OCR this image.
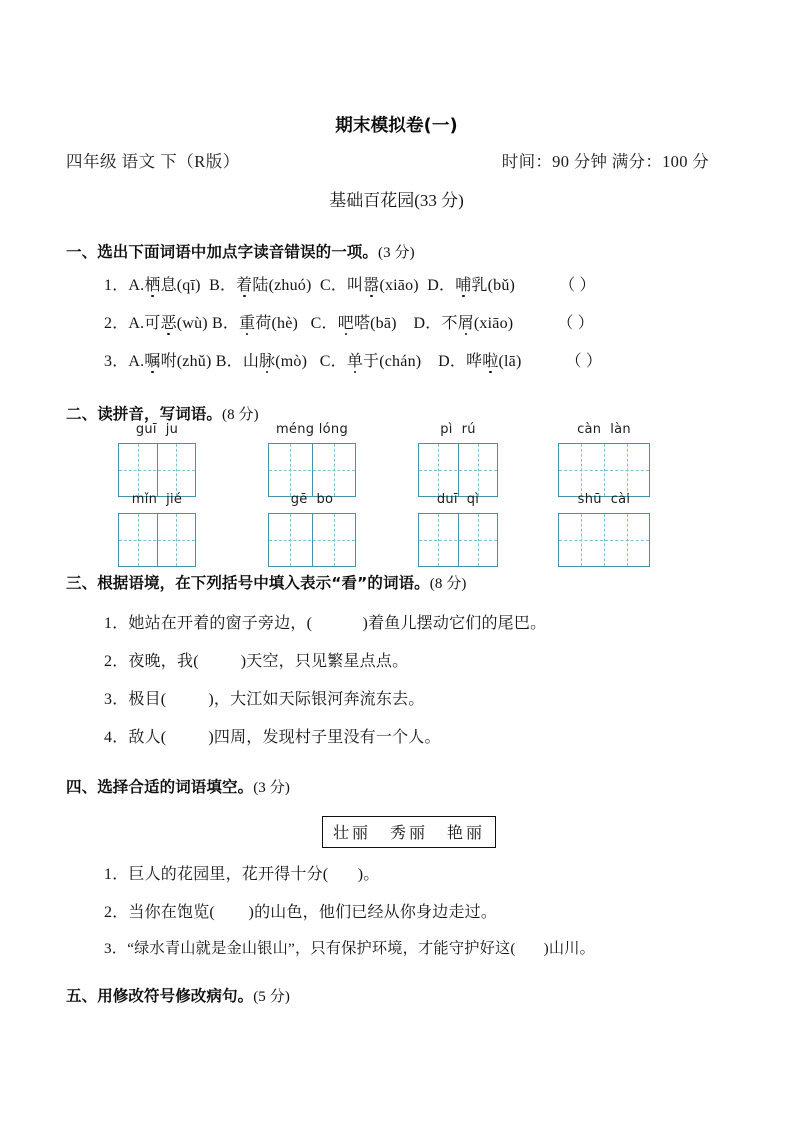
期末模拟卷(一)
四年级 语文 下（R版）	时间：90 分钟 满分：100 分
基础百花园(33 分)
一、选出下面词语中加点字读音错误的一项。(3 分)
1．A.栖息(qī) B．着陆(zhuó) C．叫嚣(xiāo) D．哺乳(bǔ)	（ ）
2．A.可恶(wù) B．重荷(hè) C．吧嗒(bā) D．不屑(xiāo)	（ ）
3．A.嘱咐(zhǔ) B．山脉(mò) C．单于(chán) D．哗啦(lā)	（ ）
二、读拼音，写词语。(8 分)
guī ju	méng lóng	pì rú	càn làn
mǐn jié	gē bo	duī qì	shū cài
三、根据语境，在下列括号中填入表示“看”的词语。(8 分)
1．她站在开着的窗子旁边，(	)着鱼儿摆动它们的尾巴。
2．夜晚，我(	)天空，只见繁星点点。
3．极目(	)，大江如天际银河奔流东去。
4．敌人(	)四周，发现村子里没有一个人。
四、选择合适的词语填空。(3 分)
壮丽　秀丽　艳丽
1．巨人的花园里，花开得十分( )。
2．当你在饱览( )的山色，他们已经从你身边走过。
3．“绿水青山就是金山银山”，只有保护环境，才能守护好这( )山川。
五、用修改符号修改病句。(5 分)
